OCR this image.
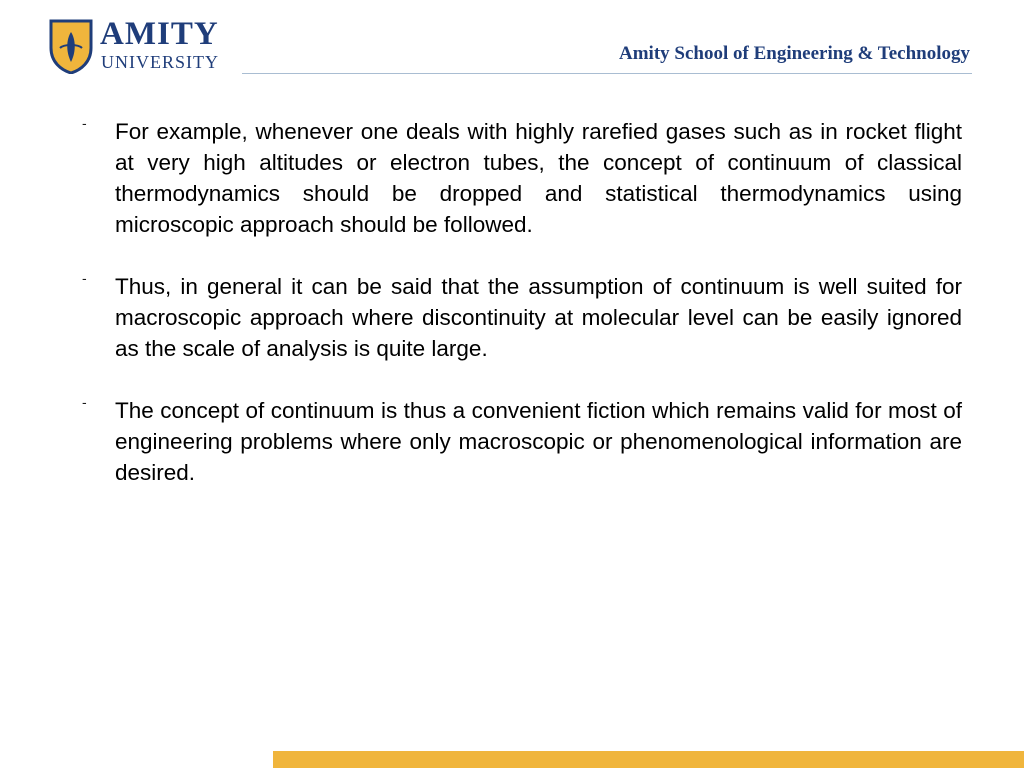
AMITY
UNIVERSITY	Amity School of Engineering & Technology
- For example, whenever one deals with highly rarefied gases such as in rocket flight at very high altitudes or electron tubes, the concept of continuum of classical thermodynamics should be dropped and statistical thermodynamics using microscopic approach should be followed.
- Thus, in general it can be said that the assumption of continuum is well suited for macroscopic approach where discontinuity at molecular level can be easily ignored as the scale of analysis is quite large.
- The concept of continuum is thus a convenient fiction which remains valid for most of engineering problems where only macroscopic or phenomenological information are desired.
